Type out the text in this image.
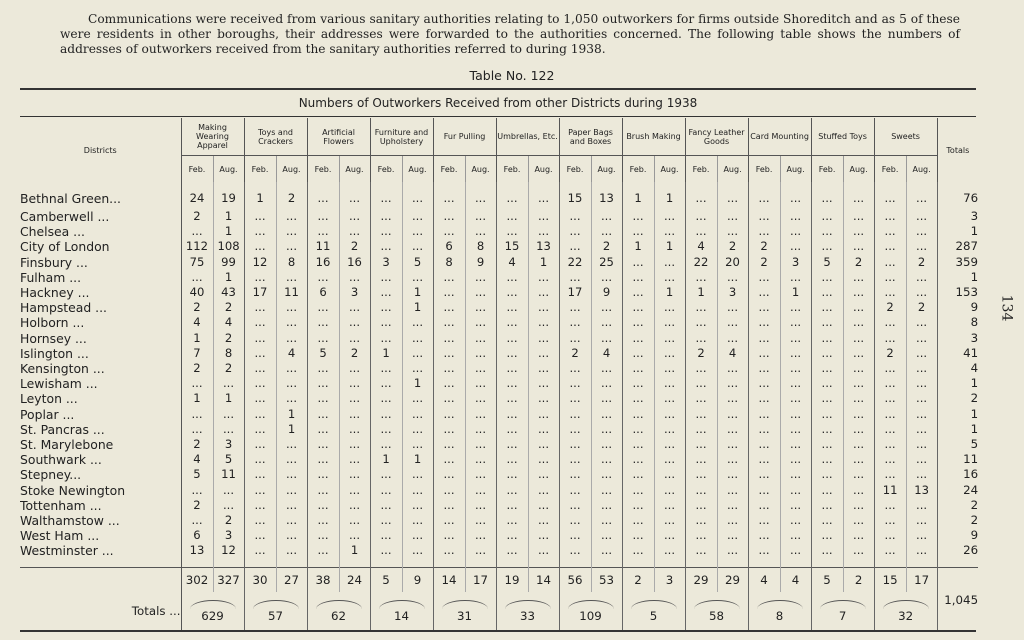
Communications were received from various sanitary authorities relating to 1,050 outworkers for firms outside Shoreditch and as 5 of these were residents in other boroughs, their addresses were forwarded to the authorities concerned. The following table shows the numbers of addresses of outworkers received from the sanitary authorities referred to during 1938.
Table No. 122
134
Numbers of Outworkers Received from other Districts during 1938
Districts	Making Wearing Apparel		Toys and Crackers		Artificial Flowers		Furniture and Upholstery		Fur Pulling		Umbrellas, Etc.		Paper Bags and Boxes		Brush Making		Fancy Leather Goods		Card Mounting		Stuffed Toys		Sweets		Totals
	Feb.	Aug.	Feb.	Aug.	Feb.	Aug.	Feb.	Aug.	Feb.	Aug.	Feb.	Aug.	Feb.	Aug.	Feb.	Aug.	Feb.	Aug.	Feb.	Aug.	Feb.	Aug.	Feb.	Aug.	
Bethnal Green...	24	19	1	2	...	...	...	...	...	...	...	...	15	13	1	1	...	...	...	...	...	...	...	...	76
Camberwell ...	2	1	...	...	...	...	...	...	...	...	...	...	...	...	...	...	...	...	...	...	...	...	...	...	3
Chelsea ...	...	1	...	...	...	...	...	...	...	...	...	...	...	...	...	...	...	...	...	...	...	...	...	...	1
City of London	112	108	...	...	11	2	...	...	6	8	15	13	...	2	1	1	4	2	2	...	...	...	...	...	287
Finsbury ...	75	99	12	8	16	16	3	5	8	9	4	1	22	25	...	...	22	20	2	3	5	2	...	2	359
Fulham ...	...	1	...	...	...	...	...	...	...	...	...	...	...	...	...	...	...	...	...	...	...	...	...	...	1
Hackney ...	40	43	17	11	6	3	...	1	...	...	...	...	17	9	...	1	1	3	...	1	...	...	...	...	153
Hampstead ...	2	2	...	...	...	...	...	1	...	...	...	...	...	...	...	...	...	...	...	...	...	...	2	2	9
Holborn ...	4	4	...	...	...	...	...	...	...	...	...	...	...	...	...	...	...	...	...	...	...	...	...	...	8
Hornsey ...	1	2	...	...	...	...	...	...	...	...	...	...	...	...	...	...	...	...	...	...	...	...	...	...	3
Islington ...	7	8	...	4	5	2	1	...	...	...	...	...	2	4	...	...	2	4	...	...	...	...	2	...	41
Kensington ...	2	2	...	...	...	...	...	...	...	...	...	...	...	...	...	...	...	...	...	...	...	...	...	...	4
Lewisham ...	...	...	...	...	...	...	...	1	...	...	...	...	...	...	...	...	...	...	...	...	...	...	...	...	1
Leyton ...	1	1	...	...	...	...	...	...	...	...	...	...	...	...	...	...	...	...	...	...	...	...	...	...	2
Poplar ...	...	...	...	1	...	...	...	...	...	...	...	...	...	...	...	...	...	...	...	...	...	...	...	...	1
St. Pancras ...	...	...	...	1	...	...	...	...	...	...	...	...	...	...	...	...	...	...	...	...	...	...	...	...	1
St. Marylebone	2	3	...	...	...	...	...	...	...	...	...	...	...	...	...	...	...	...	...	...	...	...	...	...	5
Southwark ...	4	5	...	...	...	...	1	1	...	...	...	...	...	...	...	...	...	...	...	...	...	...	...	...	11
Stepney...	5	11	...	...	...	...	...	...	...	...	...	...	...	...	...	...	...	...	...	...	...	...	...	...	16
Stoke Newington	...	...	...	...	...	...	...	...	...	...	...	...	...	...	...	...	...	...	...	...	...	...	11	13	24
Tottenham ...	2	...	...	...	...	...	...	...	...	...	...	...	...	...	...	...	...	...	...	...	...	...	...	...	2
Walthamstow ...	...	2	...	...	...	...	...	...	...	...	...	...	...	...	...	...	...	...	...	...	...	...	...	...	2
West Ham ...	6	3	...	...	...	...	...	...	...	...	...	...	...	...	...	...	...	...	...	...	...	...	...	...	9
Westminster ...	13	12	...	...	...	1	...	...	...	...	...	...	...	...	...	...	...	...	...	...	...	...	...	...	26
	302	327	30	27	38	24	5	9	14	17	19	14	56	53	2	3	29	29	4	4	5	2	15	17	1,045
Totals ...	629		57		62		14		31		33		109		5		58		8		7		32		
